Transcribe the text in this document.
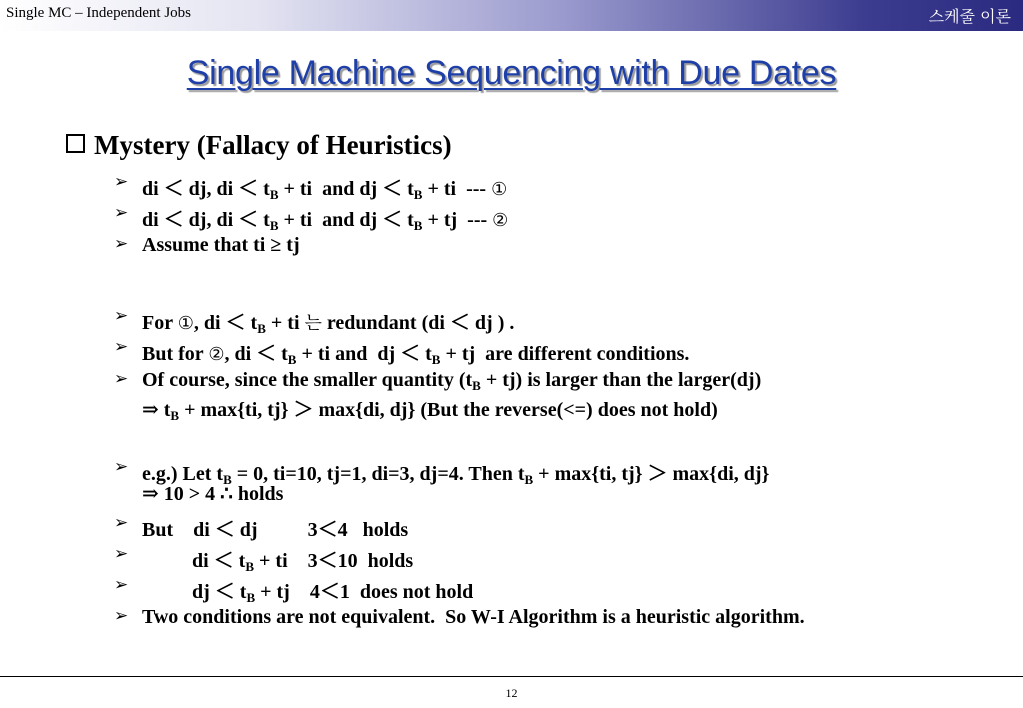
Single MC – Independent Jobs	스케줄 이론
Single Machine Sequencing with Due Dates
Mystery (Fallacy of Heuristics)
➢ di ＜ dj, di ＜ $t_B$ + ti  and dj ＜ $t_B$ + ti  --- ①
➢ di ＜ dj, di ＜ $t_B$ + ti  and dj ＜ $t_B$ + tj  --- ②
➢ Assume that ti ≥ tj
➢ For ①, di ＜ $t_B$ + ti 는 redundant (di ＜ dj ) .
➢ But for ②, di ＜ $t_B$ + ti and  dj ＜ $t_B$ + tj  are different conditions.
➢ Of course, since the smaller quantity $(t_B + tj)$ is larger than the larger(dj)
⇒ $t_B + \max\{ti$, tj} ＞ max{di, dj} (But the reverse(<=) does not hold)
➢ e.g.) Let $t_B = 0$, ti=10, tj=1, di=3, dj=4. Then $t_B + \max\{ti$, tj} ＞ max{di, dj}
⇒ 10 > 4 ∴ holds
➢ But    di ＜ dj          3＜4   holds
➢ di ＜ $t_B$ + ti    3＜10  holds
➢ dj ＜ $t_B$ + tj    4＜1  does not hold
➢ Two conditions are not equivalent.  So W-I Algorithm is a heuristic algorithm.
12
